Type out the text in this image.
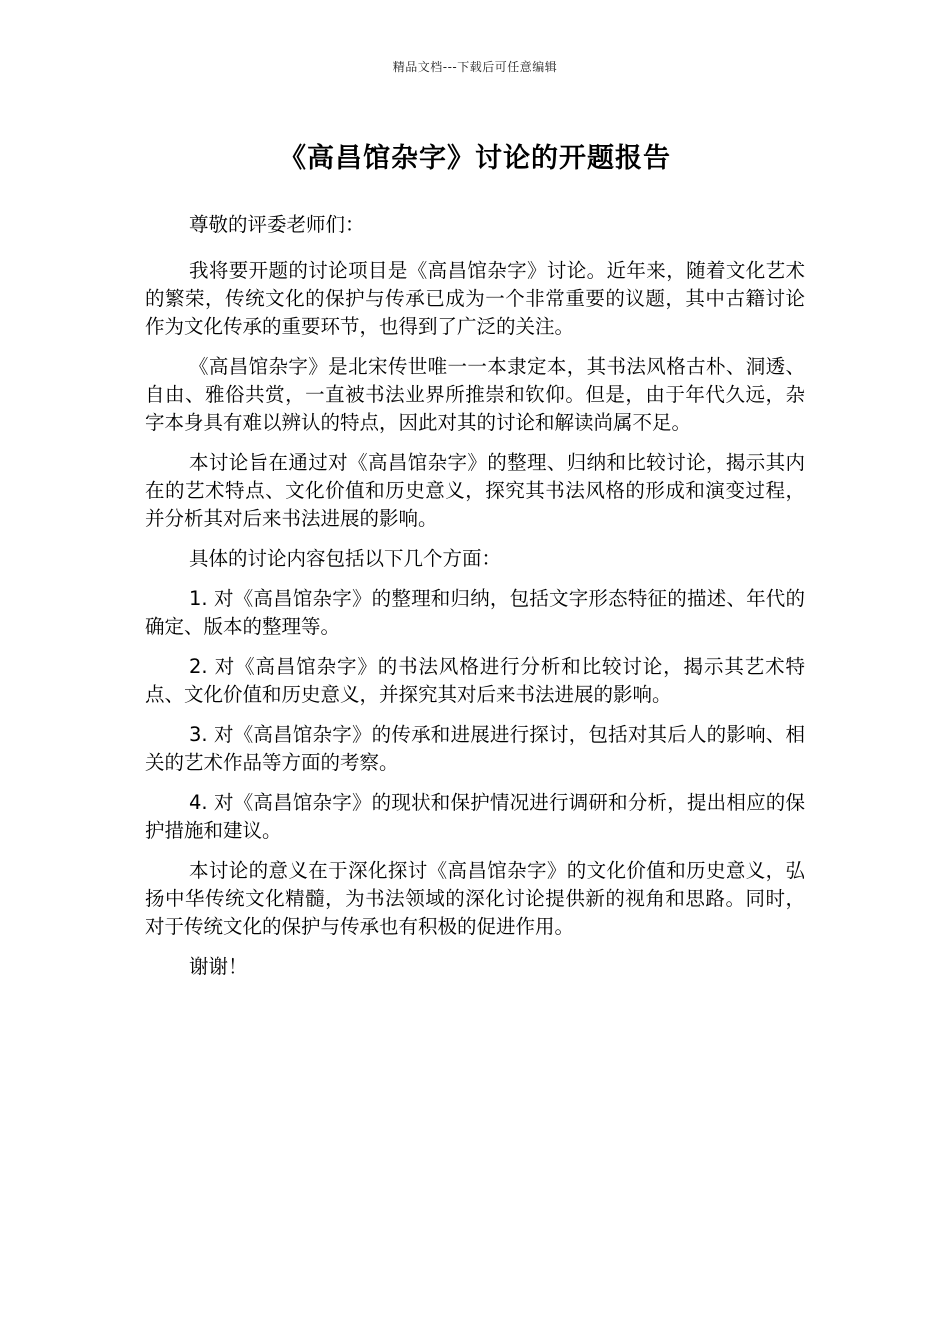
精品文档---下载后可任意编辑
《高昌馆杂字》讨论的开题报告

尊敬的评委老师们：

我将要开题的讨论项目是《高昌馆杂字》讨论。近年来，随着文化艺术的繁荣，传统文化的保护与传承已成为一个非常重要的议题，其中古籍讨论作为文化传承的重要环节，也得到了广泛的关注。

《高昌馆杂字》是北宋传世唯一一本隶定本，其书法风格古朴、洞透、自由、雅俗共赏，一直被书法业界所推崇和钦仰。但是，由于年代久远，杂字本身具有难以辨认的特点，因此对其的讨论和解读尚属不足。

本讨论旨在通过对《高昌馆杂字》的整理、归纳和比较讨论，揭示其内在的艺术特点、文化价值和历史意义，探究其书法风格的形成和演变过程，并分析其对后来书法进展的影响。

具体的讨论内容包括以下几个方面：

1. 对《高昌馆杂字》的整理和归纳，包括文字形态特征的描述、年代的确定、版本的整理等。

2. 对《高昌馆杂字》的书法风格进行分析和比较讨论，揭示其艺术特点、文化价值和历史意义，并探究其对后来书法进展的影响。

3. 对《高昌馆杂字》的传承和进展进行探讨，包括对其后人的影响、相关的艺术作品等方面的考察。

4. 对《高昌馆杂字》的现状和保护情况进行调研和分析，提出相应的保护措施和建议。

本讨论的意义在于深化探讨《高昌馆杂字》的文化价值和历史意义，弘扬中华传统文化精髓，为书法领域的深化讨论提供新的视角和思路。同时，对于传统文化的保护与传承也有积极的促进作用。

谢谢！
